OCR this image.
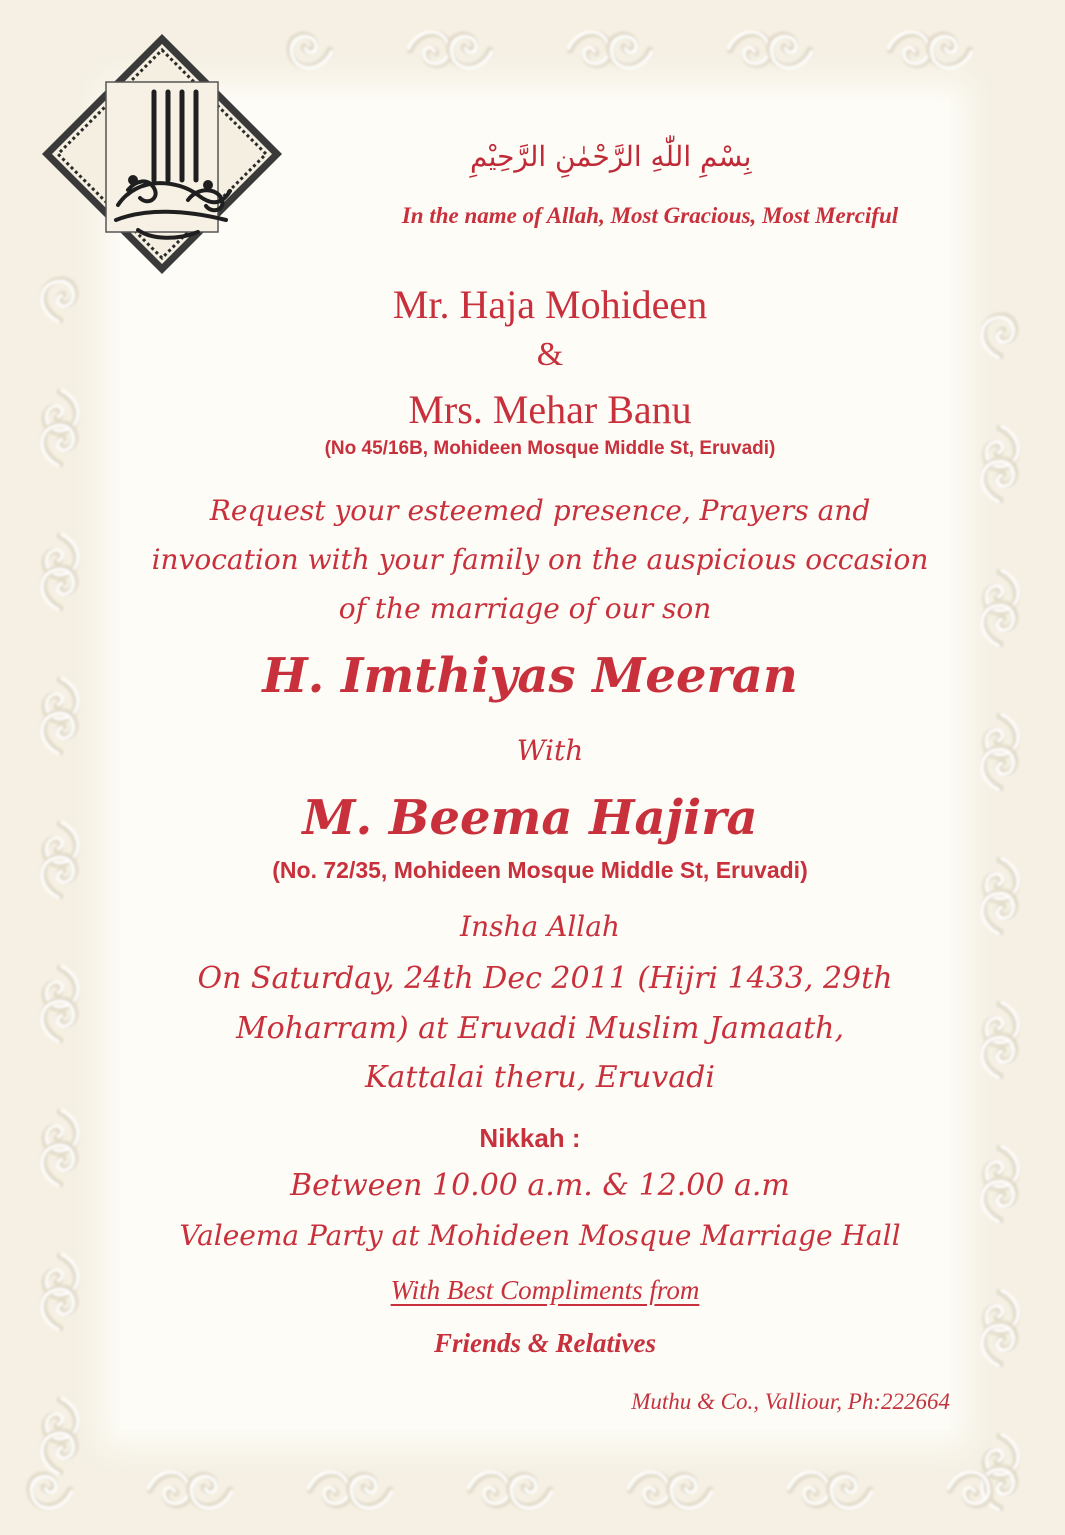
بِسْمِ اللّٰهِ الرَّحْمٰنِ الرَّحِيْمِ
In the name of Allah, Most Gracious, Most Merciful
Mr. Haja Mohideen
&
Mrs. Mehar Banu
(No 45/16B, Mohideen Mosque Middle St, Eruvadi)
Request your esteemed presence, Prayers and
invocation with your family on the auspicious occasion
of the marriage of our son
H. Imthiyas Meeran
With
M. Beema Hajira
(No. 72/35, Mohideen Mosque Middle St, Eruvadi)
Insha Allah
On Saturday, 24th Dec 2011 (Hijri 1433, 29th
Moharram) at Eruvadi Muslim Jamaath,
Kattalai theru, Eruvadi
Nikkah :
Between 10.00 a.m. & 12.00 a.m
Valeema Party at Mohideen Mosque Marriage Hall
With Best Compliments from
Friends & Relatives
Muthu & Co., Valliour, Ph:222664
